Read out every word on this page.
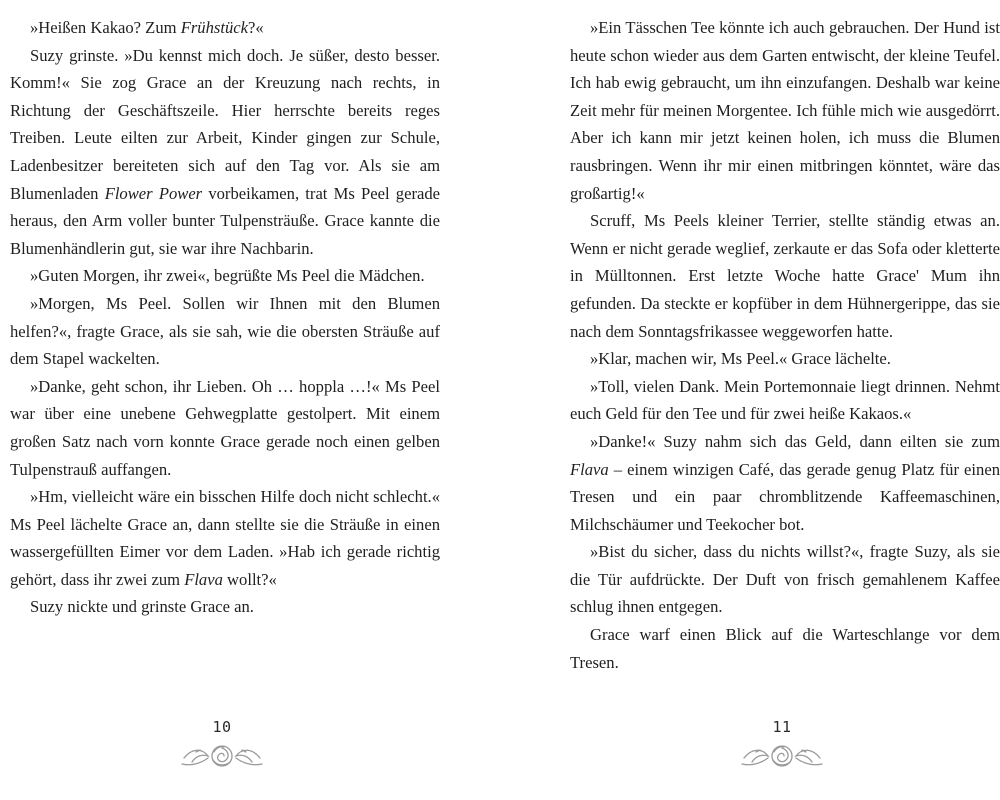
»Heißen Kakao? Zum Frühstück?«

Suzy grinste. »Du kennst mich doch. Je süßer, desto besser. Komm!« Sie zog Grace an der Kreuzung nach rechts, in Richtung der Geschäftszeile. Hier herrschte bereits reges Treiben. Leute eilten zur Arbeit, Kinder gingen zur Schule, Ladenbesitzer bereiteten sich auf den Tag vor. Als sie am Blumenladen Flower Power vorbeikamen, trat Ms Peel gerade heraus, den Arm voller bunter Tulpensträuße. Grace kannte die Blumenhändlerin gut, sie war ihre Nachbarin.

»Guten Morgen, ihr zwei«, begrüßte Ms Peel die Mädchen.

»Morgen, Ms Peel. Sollen wir Ihnen mit den Blumen helfen?«, fragte Grace, als sie sah, wie die obersten Sträuße auf dem Stapel wackelten.

»Danke, geht schon, ihr Lieben. Oh … hoppla …!« Ms Peel war über eine unebene Gehwegplatte gestolpert. Mit einem großen Satz nach vorn konnte Grace gerade noch einen gelben Tulpenstrauß auffangen.

»Hm, vielleicht wäre ein bisschen Hilfe doch nicht schlecht.« Ms Peel lächelte Grace an, dann stellte sie die Sträuße in einen wassergefüllten Eimer vor dem Laden. »Hab ich gerade richtig gehört, dass ihr zwei zum Flava wollt?«

Suzy nickte und grinste Grace an.

»Ein Tässchen Tee könnte ich auch gebrauchen. Der Hund ist heute schon wieder aus dem Garten entwischt, der kleine Teufel. Ich hab ewig gebraucht, um ihn einzufangen. Deshalb war keine Zeit mehr für meinen Morgentee. Ich fühle mich wie ausgedörrt. Aber ich kann mir jetzt keinen holen, ich muss die Blumen rausbringen. Wenn ihr mir einen mitbringen könntet, wäre das großartig!«

Scruff, Ms Peels kleiner Terrier, stellte ständig etwas an. Wenn er nicht gerade weglief, zerkaute er das Sofa oder kletterte in Mülltonnen. Erst letzte Woche hatte Grace' Mum ihn gefunden. Da steckte er kopfüber in dem Hühnergerippe, das sie nach dem Sonntagsfrikassee weggeworfen hatte.

»Klar, machen wir, Ms Peel.« Grace lächelte.

»Toll, vielen Dank. Mein Portemonnaie liegt drinnen. Nehmt euch Geld für den Tee und für zwei heiße Kakaos.«

»Danke!« Suzy nahm sich das Geld, dann eilten sie zum Flava – einem winzigen Café, das gerade genug Platz für einen Tresen und ein paar chromblitzende Kaffeemaschinen, Milchschäumer und Teekocher bot.

»Bist du sicher, dass du nichts willst?«, fragte Suzy, als sie die Tür aufdrückte. Der Duft von frisch gemahlenem Kaffee schlug ihnen entgegen.

Grace warf einen Blick auf die Warteschlange vor dem Tresen.

10	11
